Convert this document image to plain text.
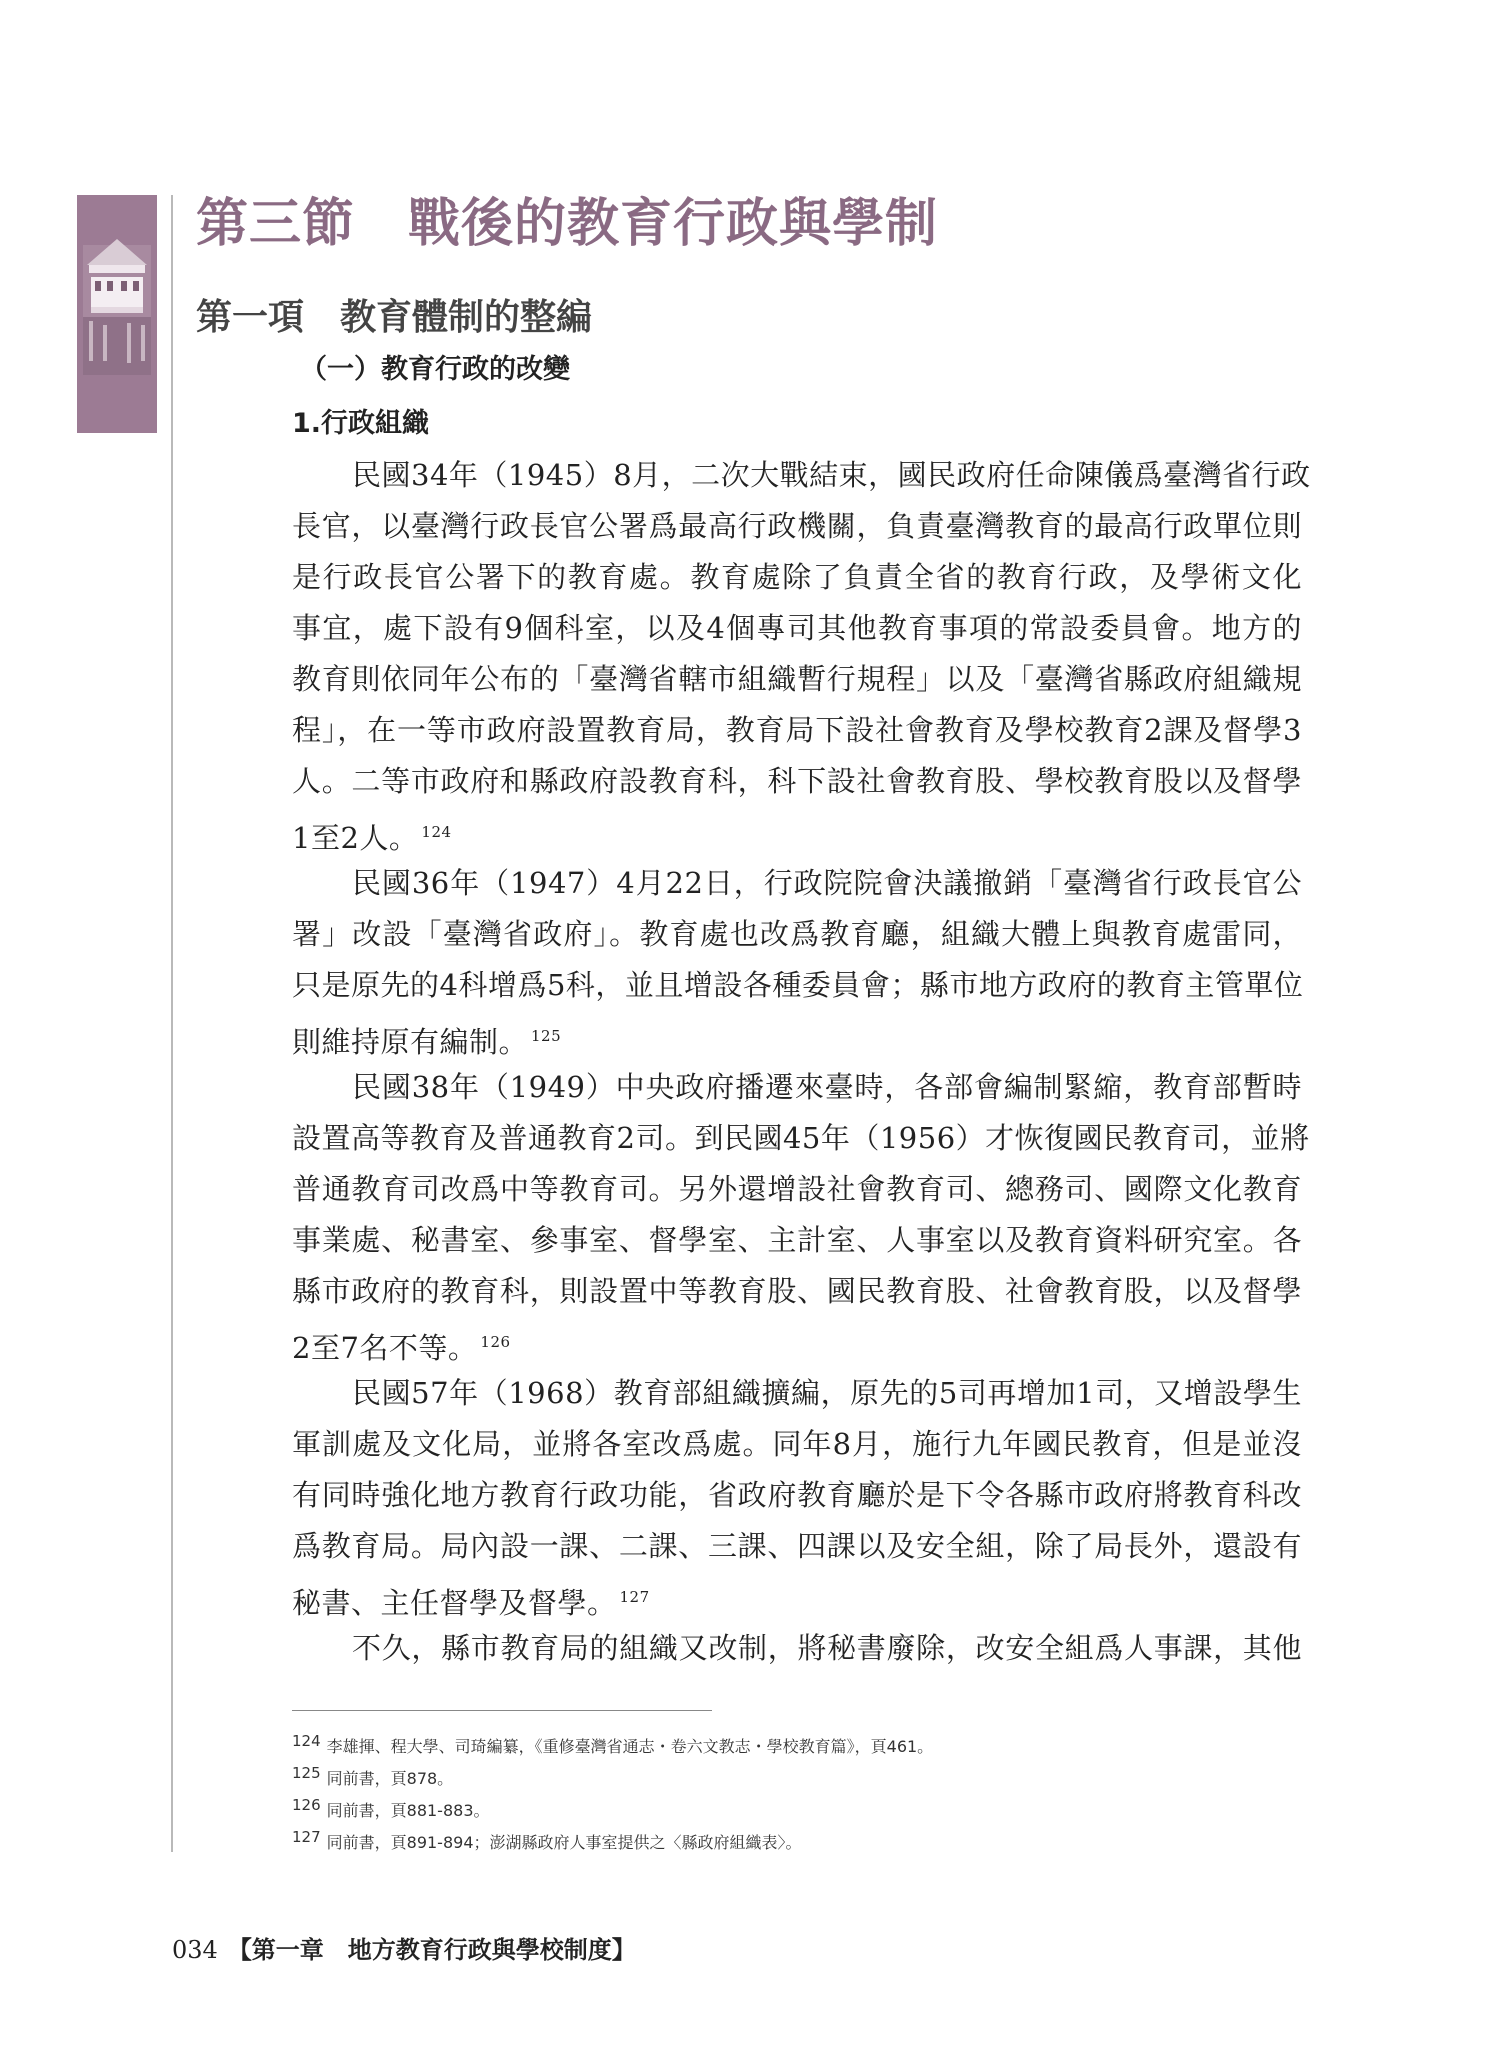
第三節　戰後的教育行政與學制
第一項　教育體制的整編
（一）教育行政的改變
1.行政組織

民國34年（1945）8月，二次大戰結束，國民政府任命陳儀爲臺灣省行政
長官，以臺灣行政長官公署爲最高行政機關，負責臺灣教育的最高行政單位則
是行政長官公署下的教育處。教育處除了負責全省的教育行政，及學術文化
事宜，處下設有9個科室，以及4個專司其他教育事項的常設委員會。地方的
教育則依同年公布的「臺灣省轄市組織暫行規程」以及「臺灣省縣政府組織規
程」，在一等市政府設置教育局，教育局下設社會教育及學校教育2課及督學3
人。二等市政府和縣政府設教育科，科下設社會教育股、學校教育股以及督學
1至2人。 $^{124}$

民國36年（1947）4月22日，行政院院會決議撤銷「臺灣省行政長官公
署」改設「臺灣省政府」。教育處也改爲教育廳，組織大體上與教育處雷同，
只是原先的4科增爲5科，並且增設各種委員會；縣市地方政府的教育主管單位
則維持原有編制。 $^{125}$

民國38年（1949）中央政府播遷來臺時，各部會編制緊縮，教育部暫時
設置高等教育及普通教育2司。到民國45年（1956）才恢復國民教育司，並將
普通教育司改爲中等教育司。另外還增設社會教育司、總務司、國際文化教育
事業處、秘書室、參事室、督學室、主計室、人事室以及教育資料研究室。各
縣市政府的教育科，則設置中等教育股、國民教育股、社會教育股，以及督學
2至7名不等。 $^{126}$

民國57年（1968）教育部組織擴編，原先的5司再增加1司，又增設學生
軍訓處及文化局，並將各室改爲處。同年8月，施行九年國民教育，但是並沒
有同時強化地方教育行政功能，省政府教育廳於是下令各縣市政府將教育科改
爲教育局。局內設一課、二課、三課、四課以及安全組，除了局長外，還設有
秘書、主任督學及督學。 $^{127}$

不久，縣市教育局的組織又改制，將秘書廢除，改安全組爲人事課，其他

$^{124}$ 李雄揮、程大學、司琦編纂，《重修臺灣省通志・卷六文教志・學校教育篇》，頁461。
$^{125}$ 同前書，頁878。
$^{126}$ 同前書，頁881-883。
$^{127}$ 同前書，頁891-894；澎湖縣政府人事室提供之〈縣政府組織表〉。

034 【第一章　地方教育行政與學校制度】
